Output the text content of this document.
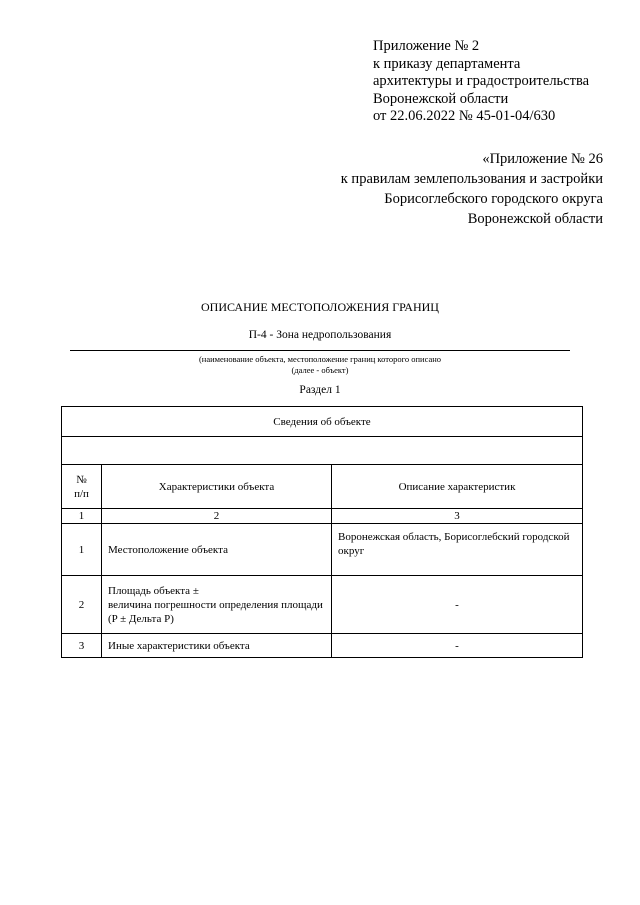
Приложение № 2
к приказу департамента
архитектуры и градостроительства
Воронежской области
от 22.06.2022 № 45-01-04/630
«Приложение № 26
к правилам землепользования и застройки
Борисоглебского городского округа
Воронежской области
ОПИСАНИЕ МЕСТОПОЛОЖЕНИЯ ГРАНИЦ
П-4 - Зона недропользования
(наименование объекта, местоположение границ которого описано
(далее - объект)
Раздел 1
Сведения об объекте		

№
п/п	Характеристики объекта	Описание характеристик
1	2	3
1	Местоположение объекта	Воронежская область, Борисоглебский городской округ
2	Площадь объекта ±
величина погрешности определения площади (P ± Дельта P)	-
3	Иные характеристики объекта	-
